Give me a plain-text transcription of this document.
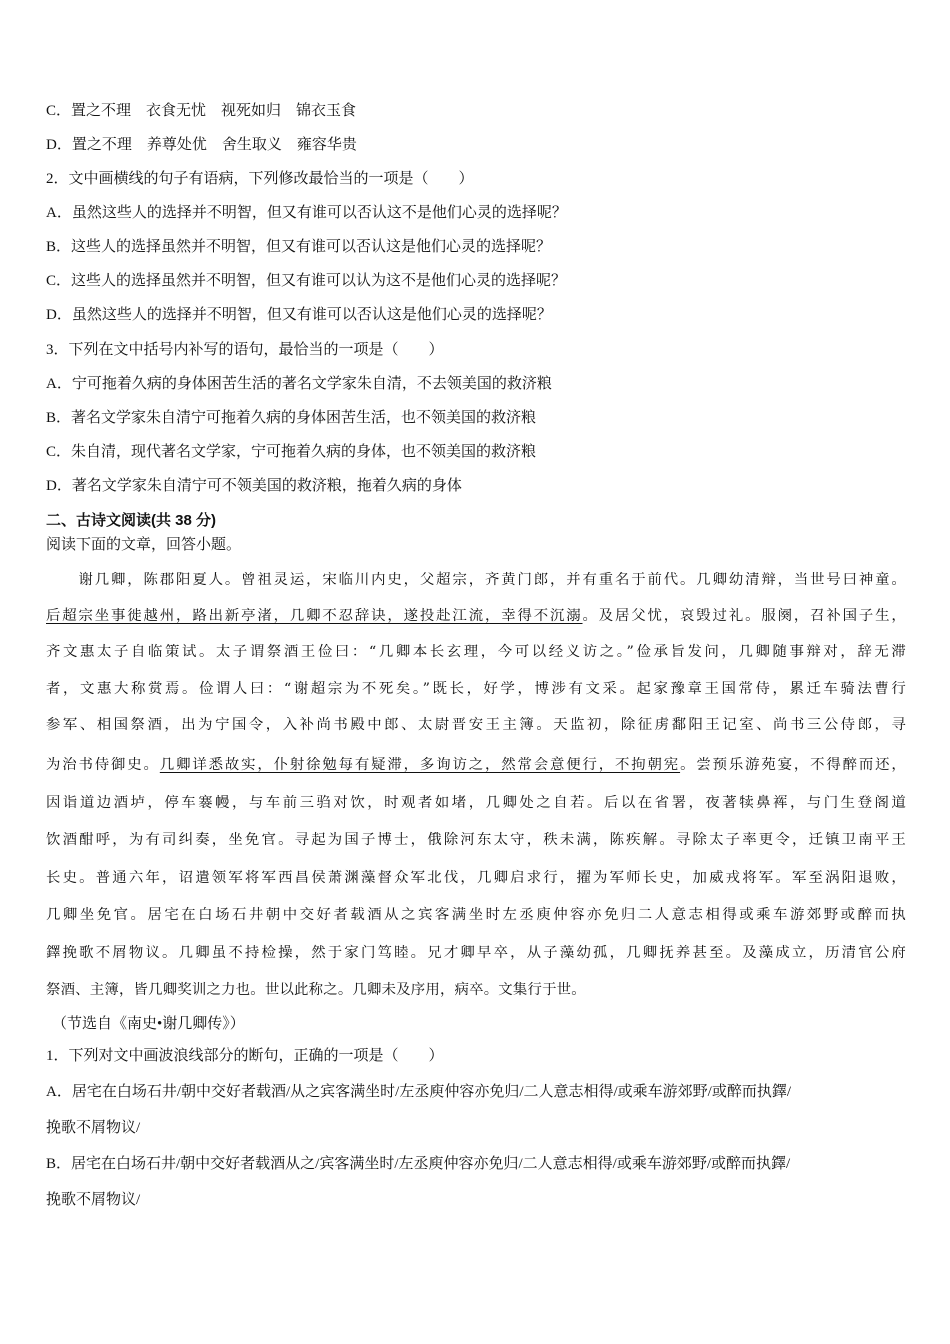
C．置之不理　衣食无忧　视死如归　锦衣玉食
D．置之不理　养尊处优　舍生取义　雍容华贵
2．文中画横线的句子有语病，下列修改最恰当的一项是（　　）
A．虽然这些人的选择并不明智，但又有谁可以否认这不是他们心灵的选择呢？
B．这些人的选择虽然并不明智，但又有谁可以否认这是他们心灵的选择呢？
C．这些人的选择虽然并不明智，但又有谁可以认为这不是他们心灵的选择呢？
D．虽然这些人的选择并不明智，但又有谁可以否认这是他们心灵的选择呢？
3．下列在文中括号内补写的语句，最恰当的一项是（　　）
A．宁可拖着久病的身体困苦生活的著名文学家朱自清，不去领美国的救济粮
B．著名文学家朱自清宁可拖着久病的身体困苦生活，也不领美国的救济粮
C．朱自清，现代著名文学家，宁可拖着久病的身体，也不领美国的救济粮
D．著名文学家朱自清宁可不领美国的救济粮，拖着久病的身体
二、古诗文阅读(共 38 分)
阅读下面的文章，回答小题。
　　谢几卿，陈郡阳夏人。曾祖灵运，宋临川内史，父超宗，齐黄门郎，并有重名于前代。几卿幼清辩，当世号曰神童。
后超宗坐事徙越州，路出新亭渚，几卿不忍辞诀，遂投赴江流，幸得不沉溺。及居父忧，哀毁过礼。服阕，召补国子生，
齐文惠太子自临策试。太子谓祭酒王俭曰：“几卿本长玄理，今可以经义访之。”俭承旨发问，几卿随事辩对，辞无滞
者，文惠大称赏焉。俭谓人曰：“谢超宗为不死矣。”既长，好学，博涉有文采。起家豫章王国常侍，累迁车骑法曹行
参军、相国祭酒，出为宁国令，入补尚书殿中郎、太尉晋安王主簿。天监初，除征虏鄱阳王记室、尚书三公侍郎，寻
为治书侍御史。几卿详悉故实，仆射徐勉每有疑滞，多询访之，然常会意便行，不拘朝宪。尝预乐游苑宴，不得醉而还，
因诣道边酒垆，停车褰幔，与车前三驺对饮，时观者如堵，几卿处之自若。后以在省署，夜著犊鼻裈，与门生登阁道
饮酒酣呼，为有司纠奏，坐免官。寻起为国子博士，俄除河东太守，秩未满，陈疾解。寻除太子率更令，迁镇卫南平王
长史。普通六年，诏遣领军将军西昌侯萧渊藻督众军北伐，几卿启求行，擢为军师长史，加威戎将军。军至涡阳退败，
几卿坐免官。居宅在白场石井朝中交好者载酒从之宾客满坐时左丞庾仲容亦免归二人意志相得或乘车游郊野或醉而执
鐸挽歌不屑物议。几卿虽不持检操，然于家门笃睦。兄才卿早卒，从子藻幼孤，几卿抚养甚至。及藻成立，历清官公府
祭酒、主簿，皆几卿奖训之力也。世以此称之。几卿未及序用，病卒。文集行于世。
（节选自《南史•谢几卿传》）
1．下列对文中画波浪线部分的断句，正确的一项是（　　）
A．居宅在白场石井/朝中交好者载酒/从之宾客满坐时/左丞庾仲容亦免归/二人意志相得/或乘车游郊野/或醉而执鐸/
挽歌不屑物议/
B．居宅在白场石井/朝中交好者载酒从之/宾客满坐时/左丞庾仲容亦免归/二人意志相得/或乘车游郊野/或醉而执鐸/
挽歌不屑物议/
